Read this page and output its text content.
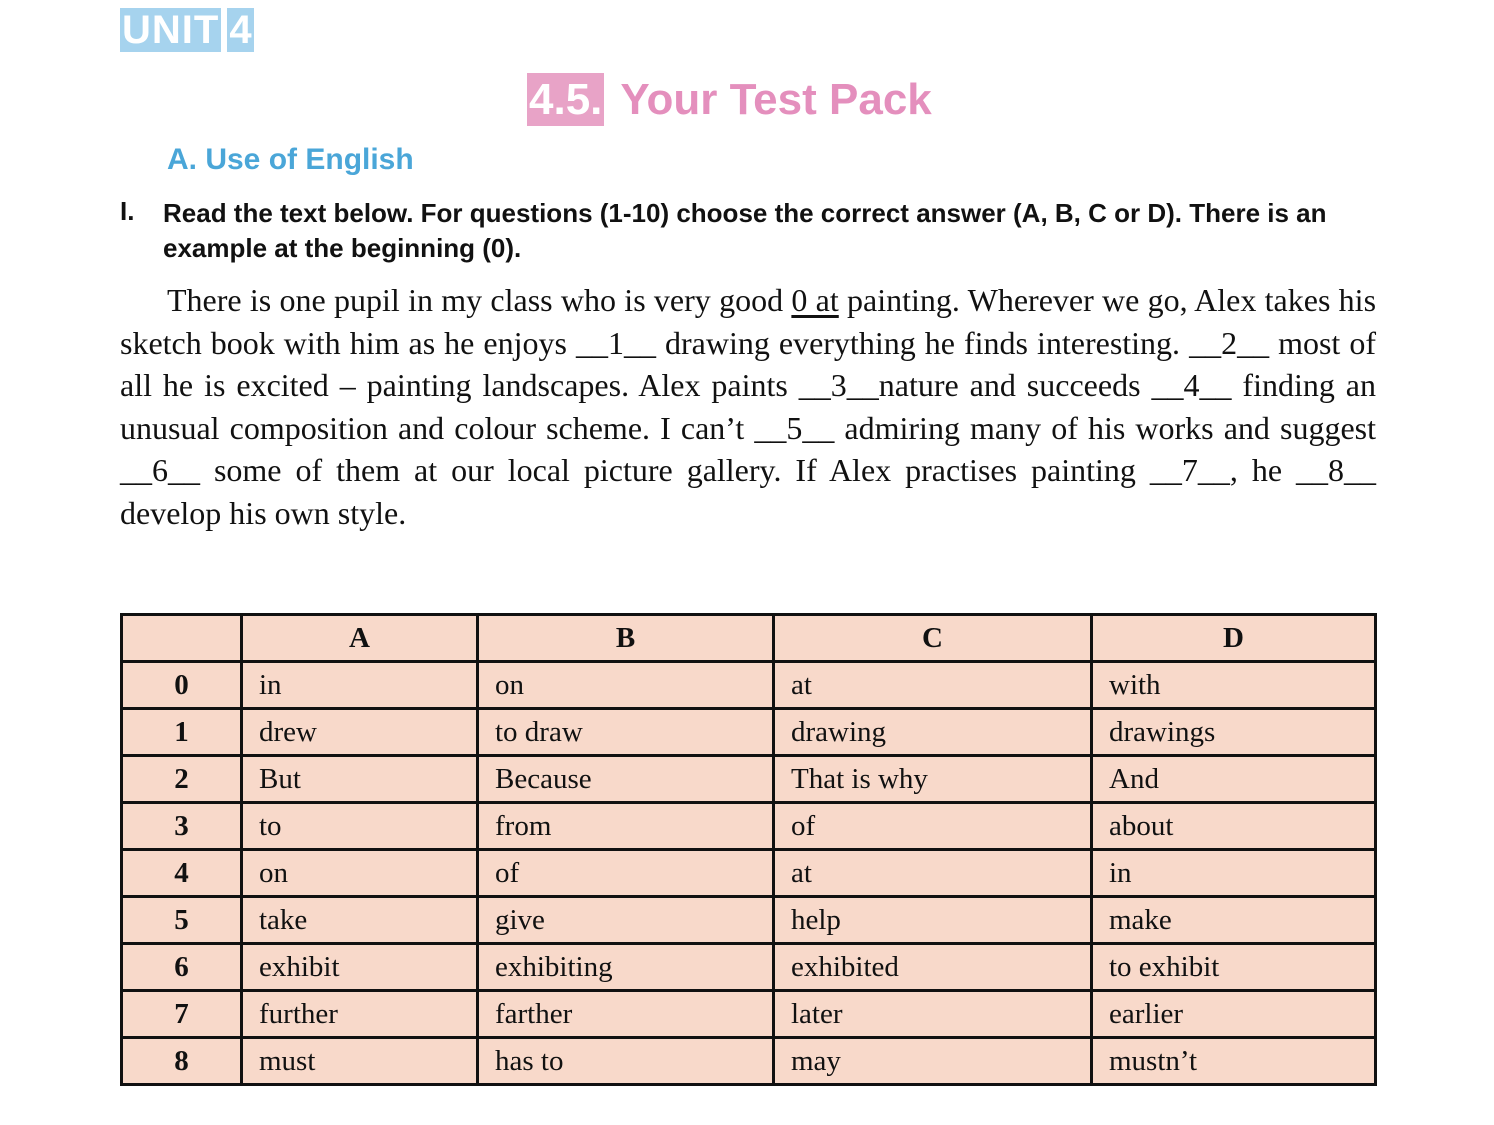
UNIT 4
4.5. Your Test Pack
A. Use of English
I. Read the text below. For questions (1-10) choose the correct answer (A, B, C or D). There is an example at the beginning (0).

There is one pupil in my class who is very good 0 at painting. Wherever we go, Alex takes his sketch book with him as he enjoys __1__ drawing everything he finds interesting. __2__ most of all he is excited – painting landscapes. Alex paints __3__nature and succeeds __4__ finding an unusual composition and colour scheme. I can’t __5__ admiring many of his works and suggest __6__ some of them at our local picture gallery. If Alex practises painting __7__, he __8__ develop his own style.

	A	B	C	D
0	in	on	at	with
1	drew	to draw	drawing	drawings
2	But	Because	That is why	And
3	to	from	of	about
4	on	of	at	in
5	take	give	help	make
6	exhibit	exhibiting	exhibited	to exhibit
7	further	farther	later	earlier
8	must	has to	may	mustn’t
